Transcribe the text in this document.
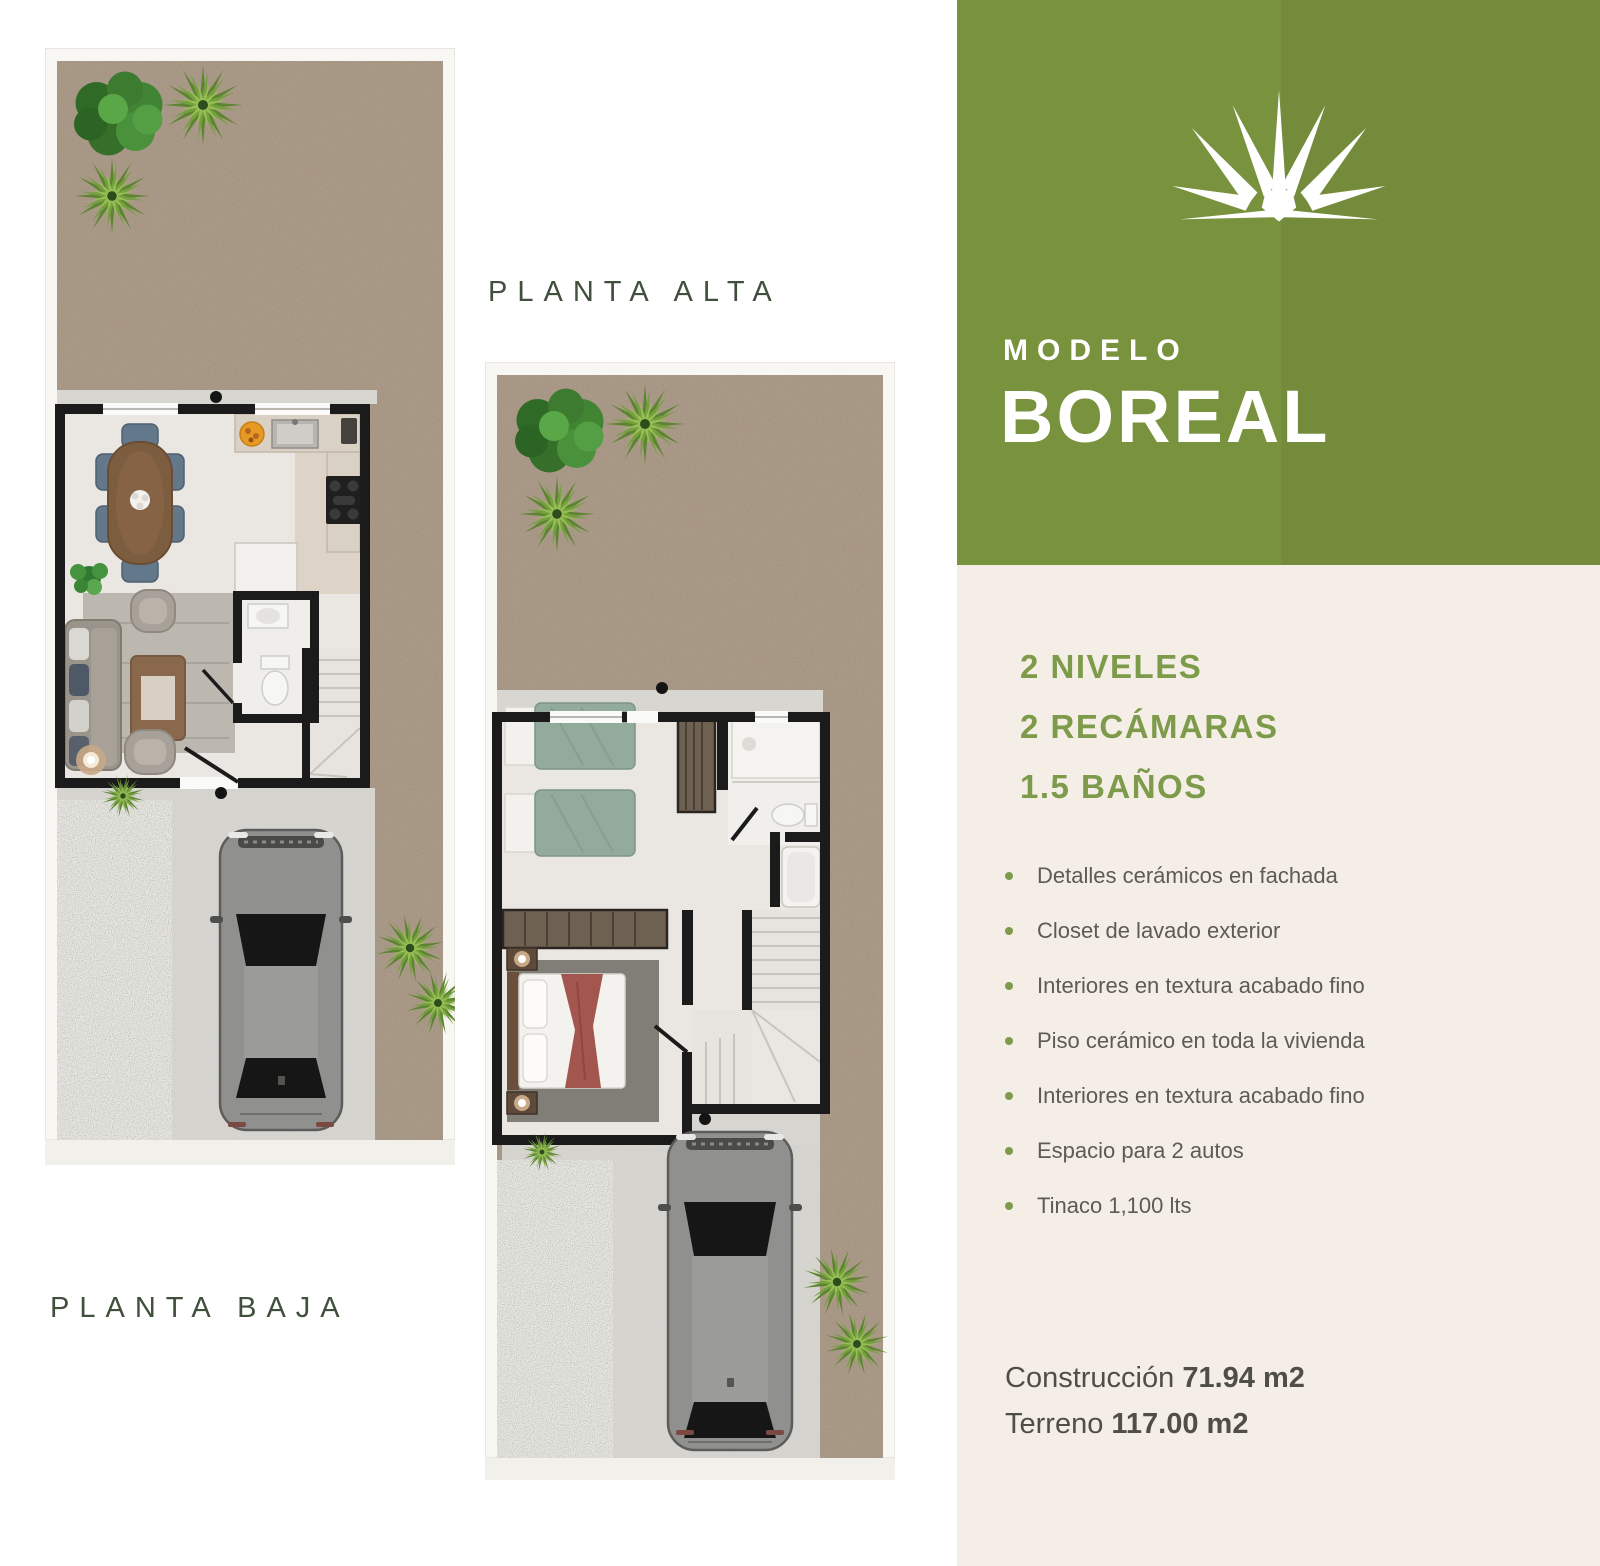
PLANTA ALTA
PLANTA BAJA
MODELO
BOREAL
2 NIVELES
2 RECÁMARAS
1.5 BAÑOS
Detalles cerámicos en fachada
Closet de lavado exterior
Interiores en textura acabado fino
Piso cerámico en toda la vivienda
Interiores en textura acabado fino
Espacio para 2 autos
Tinaco 1,100 lts
Construcción 71.94 m2
Terreno 117.00 m2
